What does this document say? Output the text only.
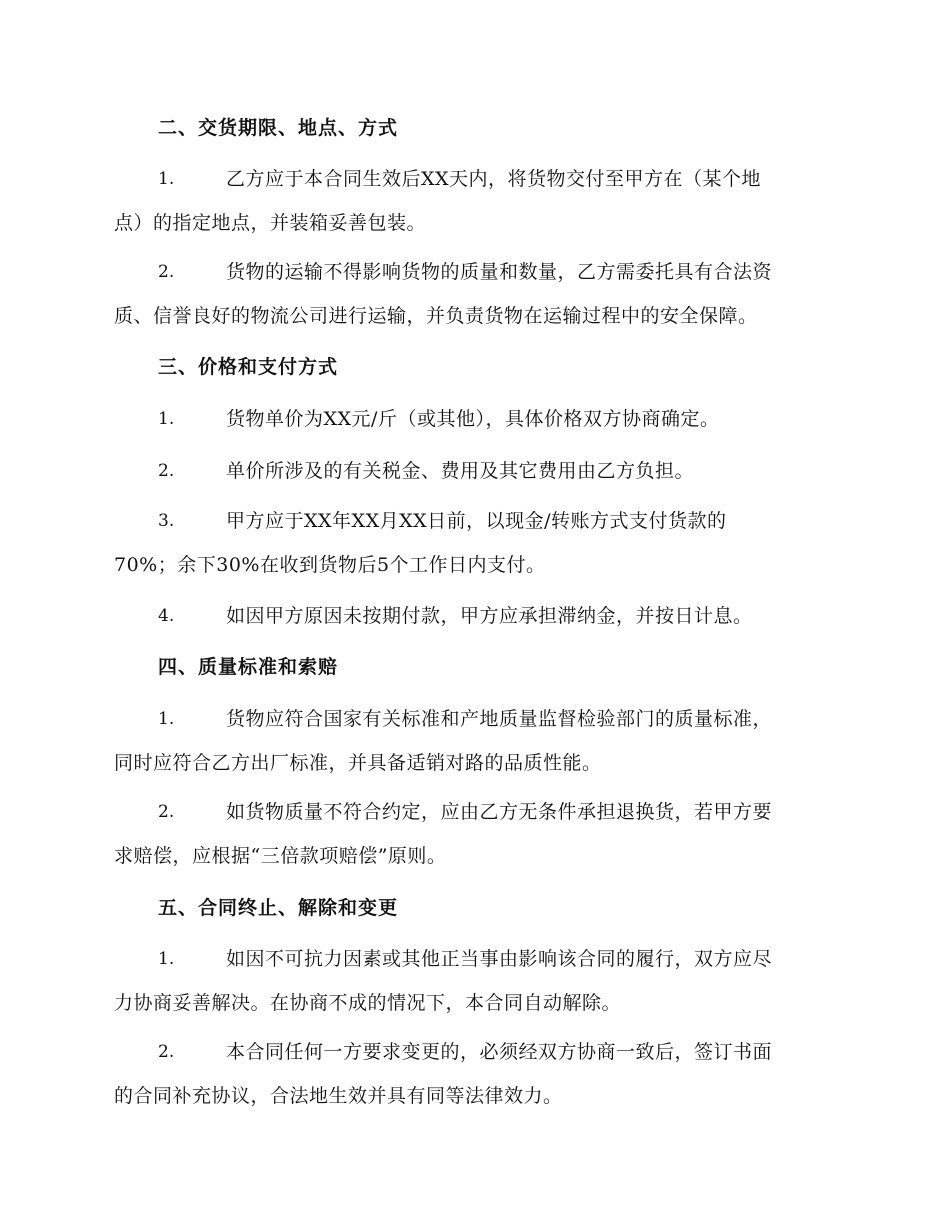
二、交货期限、地点、方式
1.	乙方应于本合同生效后XX天内，将货物交付至甲方在（某个地
点）的指定地点，并装箱妥善包装。
2.	货物的运输不得影响货物的质量和数量，乙方需委托具有合法资
质、信誉良好的物流公司进行运输，并负责货物在运输过程中的安全保障。
三、价格和支付方式
1.	货物单价为XX元/斤（或其他），具体价格双方协商确定。
2.	单价所涉及的有关税金、费用及其它费用由乙方负担。
3.	甲方应于XX年XX月XX日前，以现金/转账方式支付货款的
70%；余下30%在收到货物后5个工作日内支付。
4.	如因甲方原因未按期付款，甲方应承担滞纳金，并按日计息。
四、质量标准和索赔
1.	货物应符合国家有关标准和产地质量监督检验部门的质量标准，
同时应符合乙方出厂标准，并具备适销对路的品质性能。
2.	如货物质量不符合约定，应由乙方无条件承担退换货，若甲方要
求赔偿，应根据“三倍款项赔偿”原则。
五、合同终止、解除和变更
1.	如因不可抗力因素或其他正当事由影响该合同的履行，双方应尽
力协商妥善解决。在协商不成的情况下，本合同自动解除。
2.	本合同任何一方要求变更的，必须经双方协商一致后，签订书面
的合同补充协议，合法地生效并具有同等法律效力。
